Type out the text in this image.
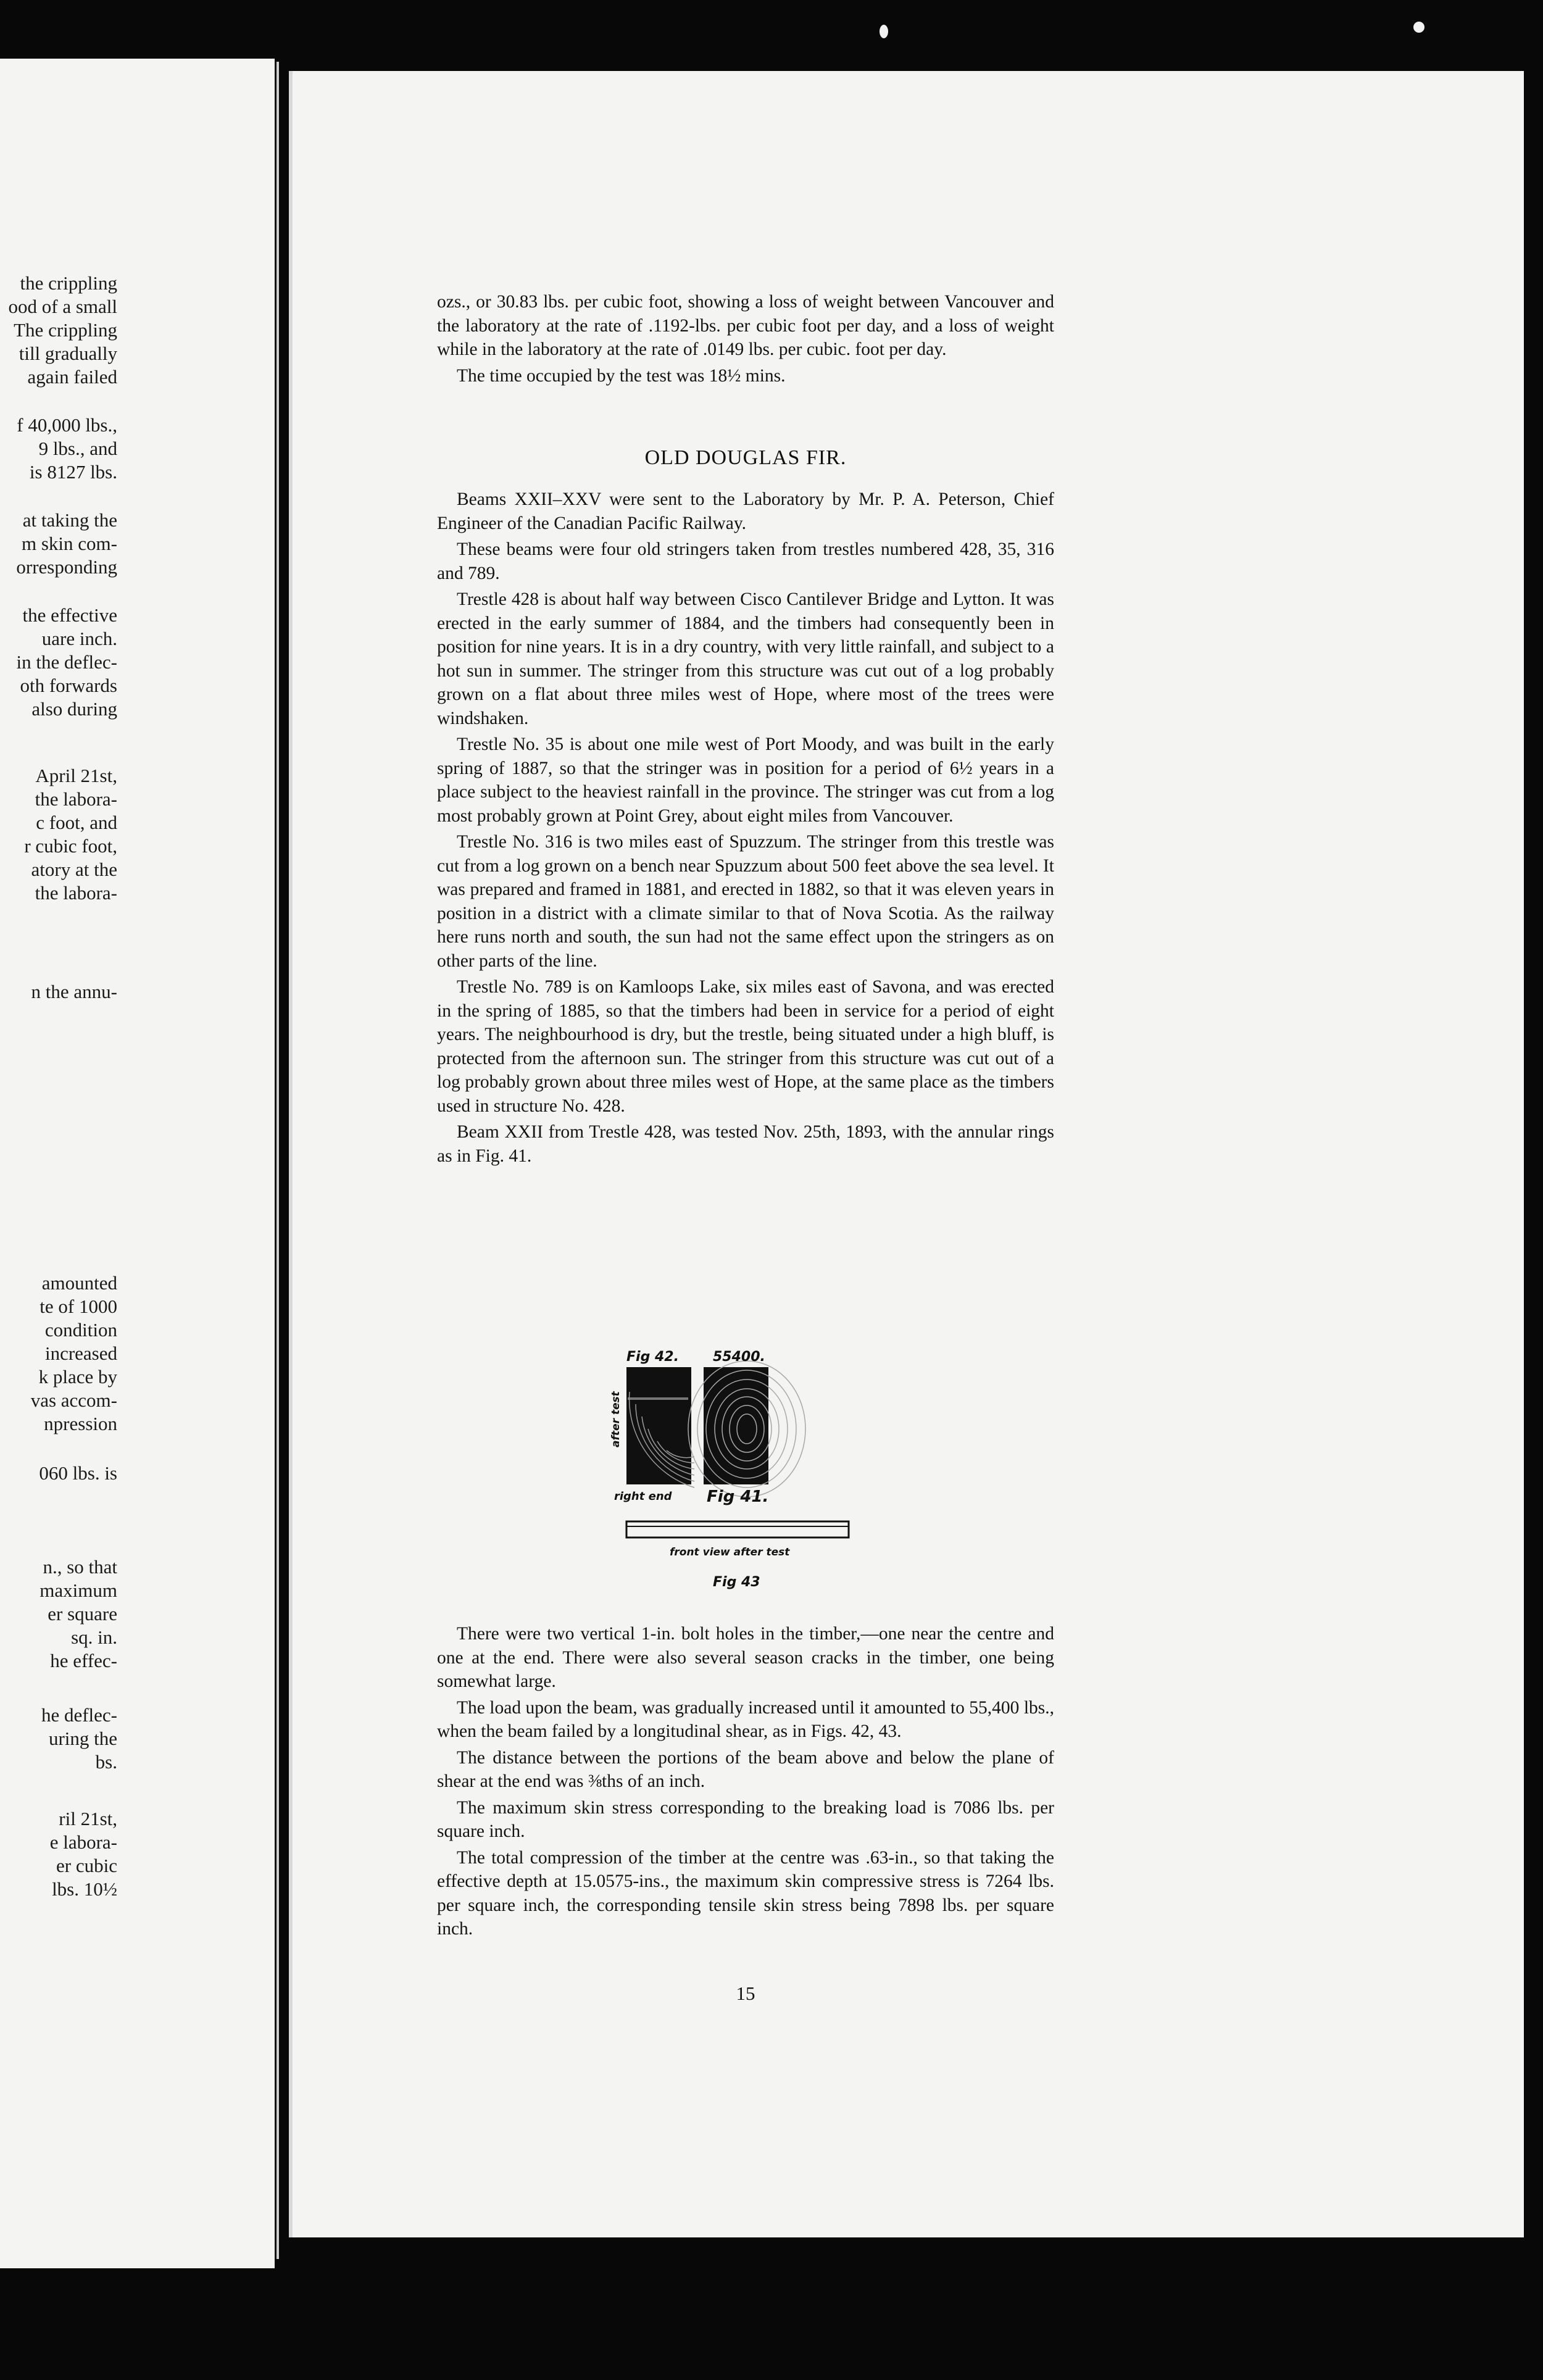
the crippling
ood of a small
The crippling
till gradually
again failed
f 40,000 lbs.,
9 lbs., and
is 8127 lbs.
at taking the
m skin com-
orresponding
the effective
uare inch.
in the deflec-
oth forwards
also during
April 21st,
the labora-
c foot, and
r cubic foot,
atory at the
the labora-
n the annu-
amounted
te of 1000
condition
increased
k place by
vas accom-
npression
060 lbs. is
n., so that
maximum
er square
sq. in.
he effec-
he deflec-
uring the
bs.
ril 21st,
e labora-
er cubic
lbs. 10½

ozs., or 30.83 lbs. per cubic foot, showing a loss of weight between Vancouver and the laboratory at the rate of .1192-lbs. per cubic foot per day, and a loss of weight while in the laboratory at the rate of .0149 lbs. per cubic. foot per day.

The time occupied by the test was 18½ mins.

OLD DOUGLAS FIR.

Beams XXII–XXV were sent to the Laboratory by Mr. P. A. Peterson, Chief Engineer of the Canadian Pacific Railway.

These beams were four old stringers taken from trestles numbered 428, 35, 316 and 789.

Trestle 428 is about half way between Cisco Cantilever Bridge and Lytton. It was erected in the early summer of 1884, and the timbers had consequently been in position for nine years. It is in a dry country, with very little rainfall, and subject to a hot sun in summer. The stringer from this structure was cut out of a log probably grown on a flat about three miles west of Hope, where most of the trees were windshaken.

Trestle No. 35 is about one mile west of Port Moody, and was built in the early spring of 1887, so that the stringer was in position for a period of 6½ years in a place subject to the heaviest rainfall in the province. The stringer was cut from a log most probably grown at Point Grey, about eight miles from Vancouver.

Trestle No. 316 is two miles east of Spuzzum. The stringer from this trestle was cut from a log grown on a bench near Spuzzum about 500 feet above the sea level. It was prepared and framed in 1881, and erected in 1882, so that it was eleven years in position in a district with a climate similar to that of Nova Scotia. As the railway here runs north and south, the sun had not the same effect upon the stringers as on other parts of the line.

Trestle No. 789 is on Kamloops Lake, six miles east of Savona, and was erected in the spring of 1885, so that the timbers had been in service for a period of eight years. The neighbourhood is dry, but the trestle, being situated under a high bluff, is protected from the afternoon sun. The stringer from this structure was cut out of a log probably grown about three miles west of Hope, at the same place as the timbers used in structure No. 428.

Beam XXII from Trestle 428, was tested Nov. 25th, 1893, with the annular rings as in Fig. 41.

Fig 42.	55400.
after test
right end Fig 41.
front view after test
Fig 43

There were two vertical 1-in. bolt holes in the timber,—one near the centre and one at the end. There were also several season cracks in the timber, one being somewhat large.

The load upon the beam, was gradually increased until it amounted to 55,400 lbs., when the beam failed by a longitudinal shear, as in Figs. 42, 43.

The distance between the portions of the beam above and below the plane of shear at the end was ⅜ths of an inch.

The maximum skin stress corresponding to the breaking load is 7086 lbs. per square inch.

The total compression of the timber at the centre was .63-in., so that taking the effective depth at 15.0575-ins., the maximum skin compressive stress is 7264 lbs. per square inch, the corresponding tensile skin stress being 7898 lbs. per square inch.

15
